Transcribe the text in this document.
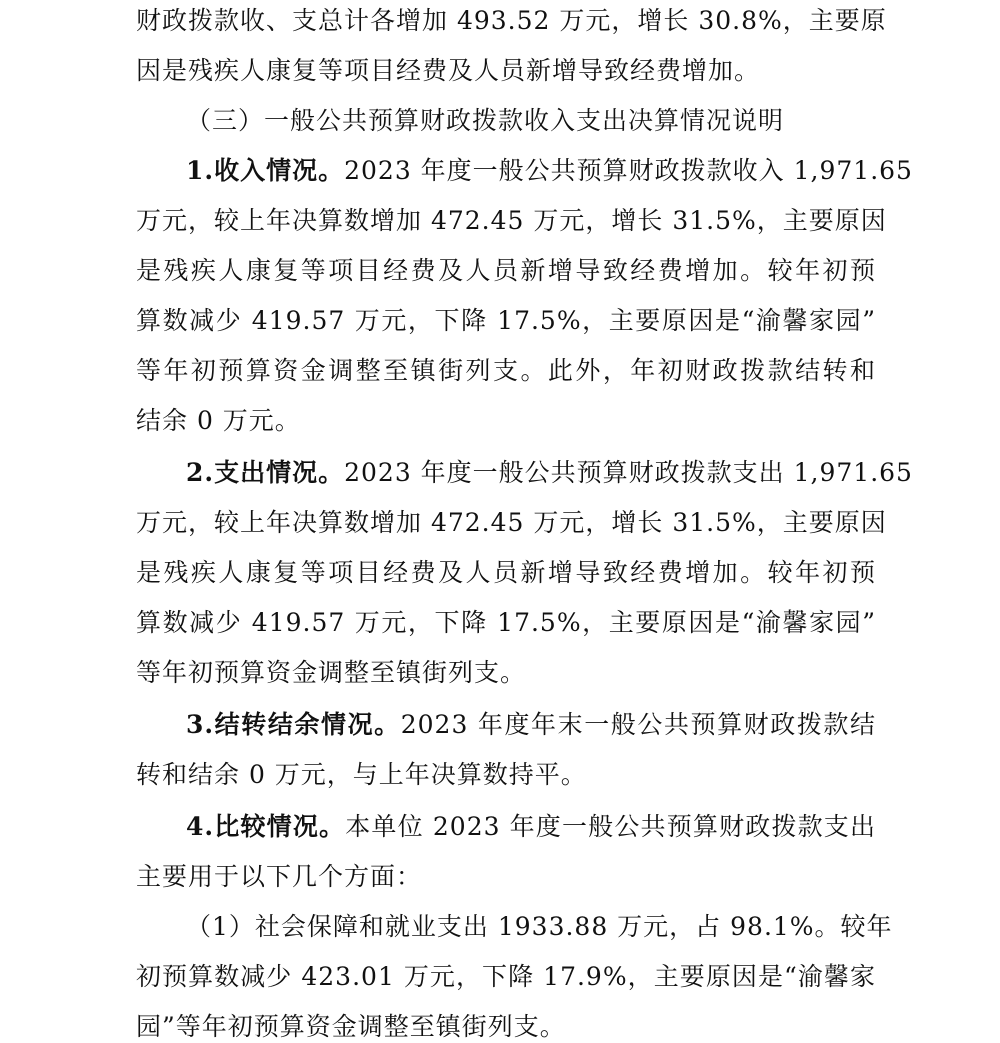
财政拨款收、支总计各增加 493.52 万元，增长 30.8%，主要原
因是残疾人康复等项目经费及人员新增导致经费增加。
（三）一般公共预算财政拨款收入支出决算情况说明
1.收入情况。2023 年度一般公共预算财政拨款收入 1,971.65
万元，较上年决算数增加 472.45 万元，增长 31.5%，主要原因
是残疾人康复等项目经费及人员新增导致经费增加。较年初预
算数减少 419.57 万元，下降 17.5%，主要原因是“渝馨家园”
等年初预算资金调整至镇街列支。此外，年初财政拨款结转和
结余 0 万元。
2.支出情况。2023 年度一般公共预算财政拨款支出 1,971.65
万元，较上年决算数增加 472.45 万元，增长 31.5%，主要原因
是残疾人康复等项目经费及人员新增导致经费增加。较年初预
算数减少 419.57 万元，下降 17.5%，主要原因是“渝馨家园”
等年初预算资金调整至镇街列支。
3.结转结余情况。2023 年度年末一般公共预算财政拨款结
转和结余 0 万元，与上年决算数持平。
4.比较情况。本单位 2023 年度一般公共预算财政拨款支出
主要用于以下几个方面：
（1）社会保障和就业支出 1933.88 万元，占 98.1%。较年
初预算数减少 423.01 万元，下降 17.9%，主要原因是“渝馨家
园”等年初预算资金调整至镇街列支。
